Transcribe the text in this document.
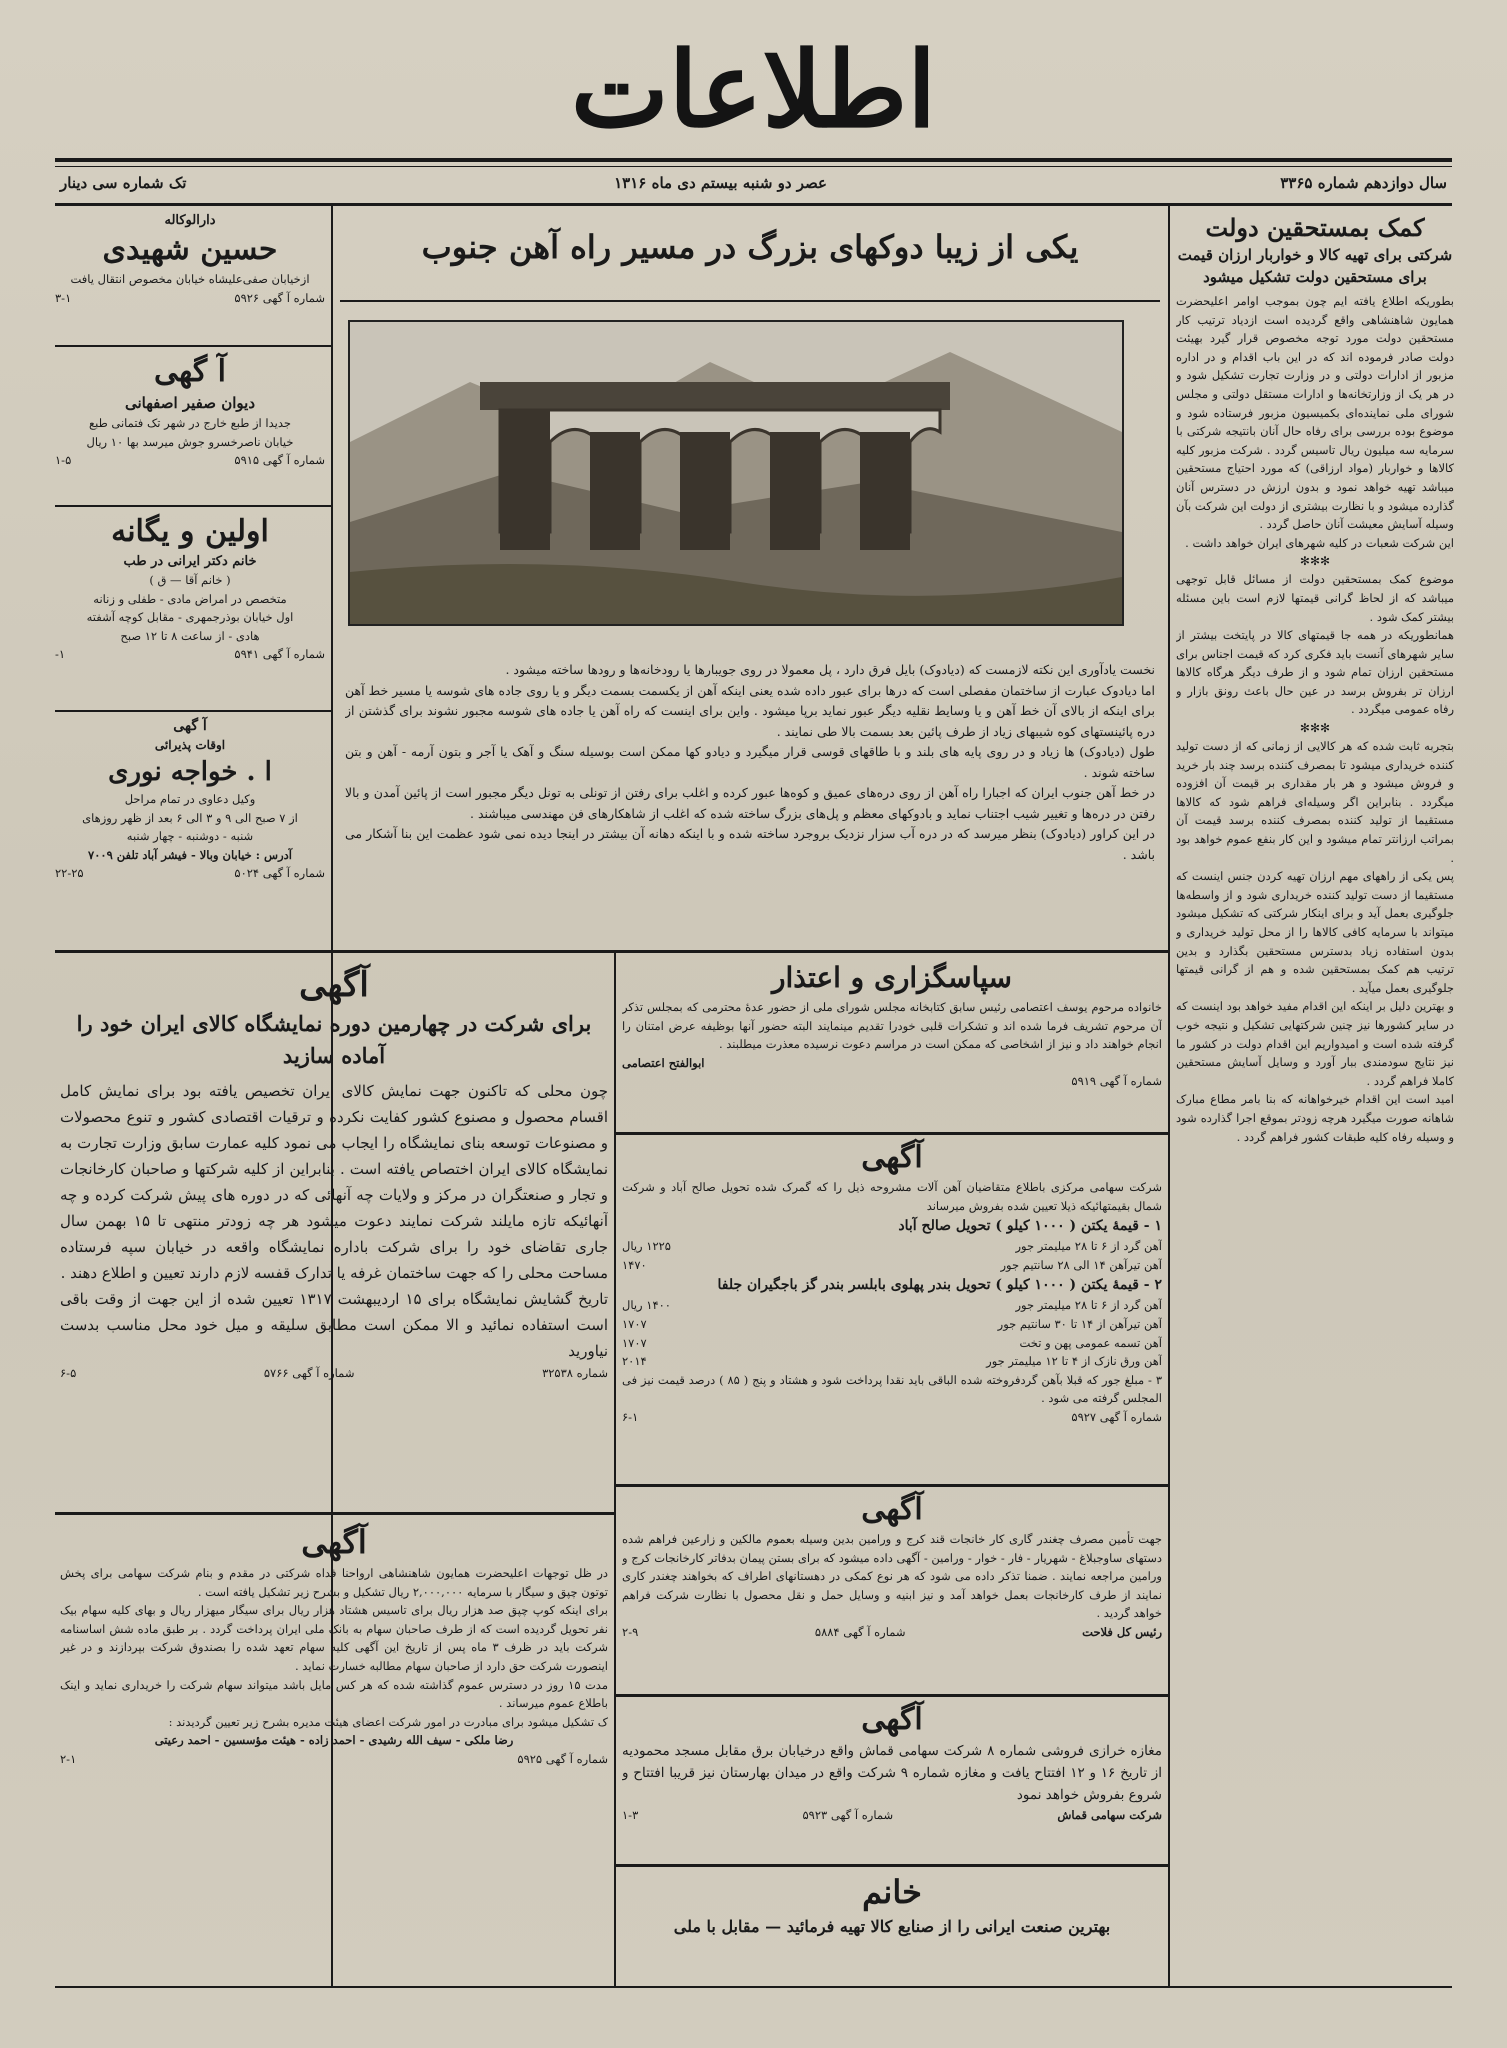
اطلاعات
سال دوازدهم شماره ۳۳۶۵
عصر دو شنبه بیستم دی ماه ۱۳۱۶
تک شماره سی دینار

کمک بمستحقین دولت

شرکتی برای تهیه کالا و خواربار ارزان قیمت برای مستحقین دولت تشکیل میشود

بطوریکه اطلاع یافته ایم چون بموجب اوامر اعلیحضرت همایون شاهنشاهی واقع گردیده است ازدیاد ترتیب کار مستحقین دولت مورد توجه مخصوص قرار گیرد بهیئت دولت صادر فرموده اند که در این باب اقدام و در اداره مزبور از ادارات دولتی و در وزارت تجارت تشکیل شود و در هر یک از وزارتخانه‌ها و ادارات مستقل دولتی و مجلس شورای ملی نماینده‌ای بکمیسیون مزبور فرستاده شود و موضوع بوده بررسی برای رفاه حال آنان بانتیجه شرکتی با سرمایه سه میلیون ریال تاسیس گردد . شرکت مزبور کلیه کالاها و خواربار (مواد ارزاقی) که مورد احتیاج مستحقین میباشد تهیه خواهد نمود و بدون ارزش در دسترس آنان گذارده میشود و با نظارت بیشتری از دولت این شرکت بآن وسیله آسایش معیشت آنان حاصل گردد .

این شرکت شعبات در کلیه شهرهای ایران خواهد داشت .

✻✻✻

موضوع کمک بمستحقین دولت از مسائل قابل توجهی میباشد که از لحاظ گرانی قیمتها لازم است باین مسئله بیشتر کمک شود .

همانطوریکه در همه جا قیمتهای کالا در پایتخت بیشتر از سایر شهرهای آنست باید فکری کرد که قیمت اجناس برای مستحقین ارزان تمام شود و از طرف دیگر هرگاه کالاها ارزان تر بفروش برسد در عین حال باعث رونق بازار و رفاه عمومی میگردد .

✻✻✻

بتجربه ثابت شده که هر کالایی از زمانی که از دست تولید کننده خریداری میشود تا بمصرف کننده برسد چند بار خرید و فروش میشود و هر بار مقداری بر قیمت آن افزوده میگردد . بنابراین اگر وسیله‌ای فراهم شود که کالاها مستقیما از تولید کننده بمصرف کننده برسد قیمت آن بمراتب ارزانتر تمام میشود و این کار بنفع عموم خواهد بود .

پس یکی از راههای مهم ارزان تهیه کردن جنس اینست که مستقیما از دست تولید کننده خریداری شود و از واسطه‌ها جلوگیری بعمل آید و برای اینکار شرکتی که تشکیل میشود میتواند با سرمایه کافی کالاها را از محل تولید خریداری و بدون استفاده زیاد بدسترس مستحقین بگذارد و بدین ترتیب هم کمک بمستحقین شده و هم از گرانی قیمتها جلوگیری بعمل میآید .

و بهترین دلیل بر اینکه این اقدام مفید خواهد بود اینست که در سایر کشورها نیز چنین شرکتهایی تشکیل و نتیجه خوب گرفته شده است و امیدواریم این اقدام دولت در کشور ما نیز نتایج سودمندی ببار آورد و وسایل آسایش مستحقین کاملا فراهم گردد .

امید است این اقدام خیرخواهانه که بنا بامر مطاع مبارک شاهانه صورت میگیرد هرچه زودتر بموقع اجرا گذارده شود و وسیله رفاه کلیه طبقات کشور فراهم گردد .

یکی از زیبا دوکهای بزرگ در مسیر راه آهن جنوب

نخست یادآوری این نکته لازمست که (دیادوک) بایل فرق دارد ، پل معمولا در روی جویبارها یا رودخانه‌ها و رودها ساخته میشود .

اما دیادوک عبارت از ساختمان مفصلی است که درها برای عبور داده شده یعنی اینکه آهن از یکسمت بسمت دیگر و یا روی جاده های شوسه یا مسیر خط آهن برای اینکه از بالای آن خط آهن و یا وسایط نقلیه دیگر عبور نماید برپا میشود . واین برای اینست که راه آهن یا جاده های شوسه مجبور نشوند برای گذشتن از دره پائینستهای کوه شیبهای زیاد از طرف پائین بعد بسمت بالا طی نمایند .

طول (دیادوک) ها زیاد و در روی پایه های بلند و با طاقهای قوسی قرار میگیرد و دیادو کها ممکن است بوسیله سنگ و آهک یا آجر و بتون آرمه - آهن و بتن ساخته شوند .

در خط آهن جنوب ایران که اجبارا راه آهن از روی دره‌های عمیق و کوه‌ها عبور کرده و اغلب برای رفتن از تونلی به تونل دیگر مجبور است از پائین آمدن و بالا رفتن در دره‌ها و تغییر شیب اجتناب نماید و بادوکهای معظم و پل‌های بزرگ ساخته شده که اغلب از شاهکارهای فن مهندسی میباشند .

در این کراور (دیادوک) بنظر میرسد که در دره آب سزار نزدیک بروجرد ساخته شده و با اینکه دهانه آن بیشتر در اینجا دیده نمی شود عظمت این بنا آشکار می باشد .

دارالوکاله

حسین شهیدی

ازخیابان صفی‌علیشاه خیابان مخصوص انتقال یافت

شماره آ گهی ۵۹۲۶
۳-۱

آ گهی

دیوان صفیر اصفهانی

جدیدا از طبع خارج در شهر تک فتمانی طبع

خیابان ناصرخسرو جوش میرسد بها ۱۰ ریال

شماره آ گهی ۵۹۱۵
۱-۵

اولین و یگانه

خانم دکتر ایرانی در طب

( خانم آقا — ق )

متخصص در امراض مادی - طفلی و زنانه

اول خیابان بوذرجمهری - مقابل کوچه آشفته

هادی - از ساعت ۸ تا ۱۲ صبح

شماره آ گهی ۵۹۴۱
۱-

آ گهی

اوقات پذیرائی

ا . خواجه نوری

وکیل دعاوی در تمام مراحل

از ۷ صبح الی ۹ و ۳ الی ۶ بعد از ظهر روزهای

شنبه - دوشنبه - چهار شنبه

آدرس : خیابان وبالا - فیشر آباد تلفن ۷۰۰۹

شماره آ گهی ۵۰۲۴
۲۲-۲۵

آگهی

برای شرکت در چهارمین دوره نمایشگاه کالای ایران خود را آماده سازید

چون محلی که تاکنون جهت نمایش کالای ایران تخصیص یافته بود برای نمایش کامل اقسام محصول و مصنوع کشور کفایت نکرده و ترقیات اقتصادی کشور و تنوع محصولات و مصنوعات توسعه بنای نمایشگاه را ایجاب می نمود کلیه عمارت سابق وزارت تجارت به نمایشگاه کالای ایران اختصاص یافته است . بنابراین از کلیه شرکتها و صاحبان کارخانجات و تجار و صنعتگران در مرکز و ولایات چه آنهائی که در دوره های پیش شرکت کرده و چه آنهائیکه تازه مایلند شرکت نمایند دعوت میشود هر چه زودتر منتهی تا ۱۵ بهمن سال جاری تقاضای خود را برای شرکت باداره نمایشگاه واقعه در خیابان سپه فرستاده مساحت محلی را که جهت ساختمان غرفه یا تدارک قفسه لازم دارند تعیین و اطلاع دهند .

تاریخ گشایش نمایشگاه برای ۱۵ اردیبهشت ۱۳۱۷ تعیین شده از این جهت از وقت باقی است استفاده نمائید و الا ممکن است مطابق سلیقه و میل خود محل مناسب بدست نیاورید

شماره ۳۲۵۳۸
شماره آ گهی ۵۷۶۶
۶-۵

آگهی

در ظل توجهات اعلیحضرت همایون شاهنشاهی ارواحنا فداه شرکتی در مقدم و بنام شرکت سهامی برای پخش توتون چپق و سیگار با سرمایه ۲,۰۰۰,۰۰۰ ریال تشکیل و بشرح زیر تشکیل یافته است .

برای اینکه کوپ چپق صد هزار ریال برای تاسیس هشتاد هزار ریال برای سیگار میهزار ریال و بهای کلیه سهام بیک نفر تحویل گردیده است که از طرف صاحبان سهام به بانک ملی ایران پرداخت گردد . بر طبق ماده شش اساسنامه شرکت باید در ظرف ۳ ماه پس از تاریخ این آگهی کلیه سهام تعهد شده را بصندوق شرکت بپردازند و در غیر اینصورت شرکت حق دارد از صاحبان سهام مطالبه خسارت نماید .

مدت ۱۵ روز در دسترس عموم گذاشته شده که هر کس مایل باشد میتواند سهام شرکت را خریداری نماید و اینک باطلاع عموم میرساند .

ک تشکیل میشود برای مبادرت در امور شرکت اعضای هیئت مدیره بشرح زیر تعیین گردیدند :

رضا ملکی - سیف الله رشیدی - احمد زاده - هیئت مؤسسین - احمد رعیتی

شماره آ گهی ۵۹۲۵
۲-۱

سپاسگزاری و اعتذار

خانواده مرحوم یوسف اعتصامی رئیس سابق کتابخانه مجلس شورای ملی از حضور عدۀ محترمی که بمجلس تذکر آن مرحوم تشریف فرما شده اند و تشکرات قلبی خودرا تقدیم مینمایند البته حضور آنها بوظیفه عرض امتنان را انجام خواهند داد و نیز از اشخاصی که ممکن است در مراسم دعوت نرسیده معذرت میطلبند .

ابوالفتح اعتصامی

شماره آ گهی ۵۹۱۹

آگهی

شرکت سهامی مرکزی باطلاع متقاضیان آهن آلات مشروحه ذیل را که گمرک شده تحویل صالح آباد و شرکت شمال بقیمتهائیکه ذیلا تعیین شده بفروش میرساند

۱ - قیمۀ یکتن ( ۱۰۰۰ کیلو ) تحویل صالح آباد

آهن گرد از ۶ تا ۲۸ میلیمتر جور
۱۲۲۵ ریال

آهن تیرآهن ۱۴ الی ۲۸ سانتیم جور
۱۴۷۰

۲ - قیمۀ یکتن ( ۱۰۰۰ کیلو ) تحویل بندر پهلوی بابلسر بندر گز باجگیران جلفا

آهن گرد از ۶ تا ۲۸ میلیمتر جور
۱۴۰۰ ریال

آهن تیرآهن از ۱۴ تا ۳۰ سانتیم جور
۱۷۰۷

آهن تسمه عمومی پهن و تخت
۱۷۰۷

آهن ورق نازک از ۴ تا ۱۲ میلیمتر جور
۲۰۱۴

۳ - مبلغ جور که قبلا بآهن گردفروخته شده الباقی باید نقدا پرداخت شود و هشتاد و پنج ( ۸۵ ) درصد قیمت نیز فی المجلس گرفته می شود .

شماره آ گهی ۵۹۲۷
۶-۱

آگهی

جهت تأمین مصرف چغندر گاری کار خانجات قند کرج و ورامین بدین وسیله بعموم مالکین و زارعین فراهم شده دستهای ساوجبلاغ - شهریار - فار - خوار - ورامین - آگهی داده میشود که برای بستن پیمان بدفاتر کارخانجات کرج و ورامین مراجعه نمایند . ضمنا تذکر داده می شود که هر نوع کمکی در دهستانهای اطراف که بخواهند چغندر کاری نمایند از طرف کارخانجات بعمل خواهد آمد و نیز ابنیه و وسایل حمل و نقل محصول با نظارت شرکت فراهم خواهد گردید .

رئیس کل فلاحت
شماره آ گهی ۵۸۸۴
۲-۹

آگهی

مغازه خرازی فروشی شماره ۸ شرکت سهامی قماش واقع درخیابان برق مقابل مسجد محمودیه از تاریخ ۱۶ و ۱۲ افتتاح یافت و مغازه شماره ۹ شرکت واقع در میدان بهارستان نیز قریبا افتتاح و شروع بفروش خواهد نمود

شرکت سهامی قماش
شماره آ گهی ۵۹۲۳
۱-۳

خانم

بهترین صنعت ایرانی را از صنایع کالا تهیه فرمائید — مقابل با ملی
